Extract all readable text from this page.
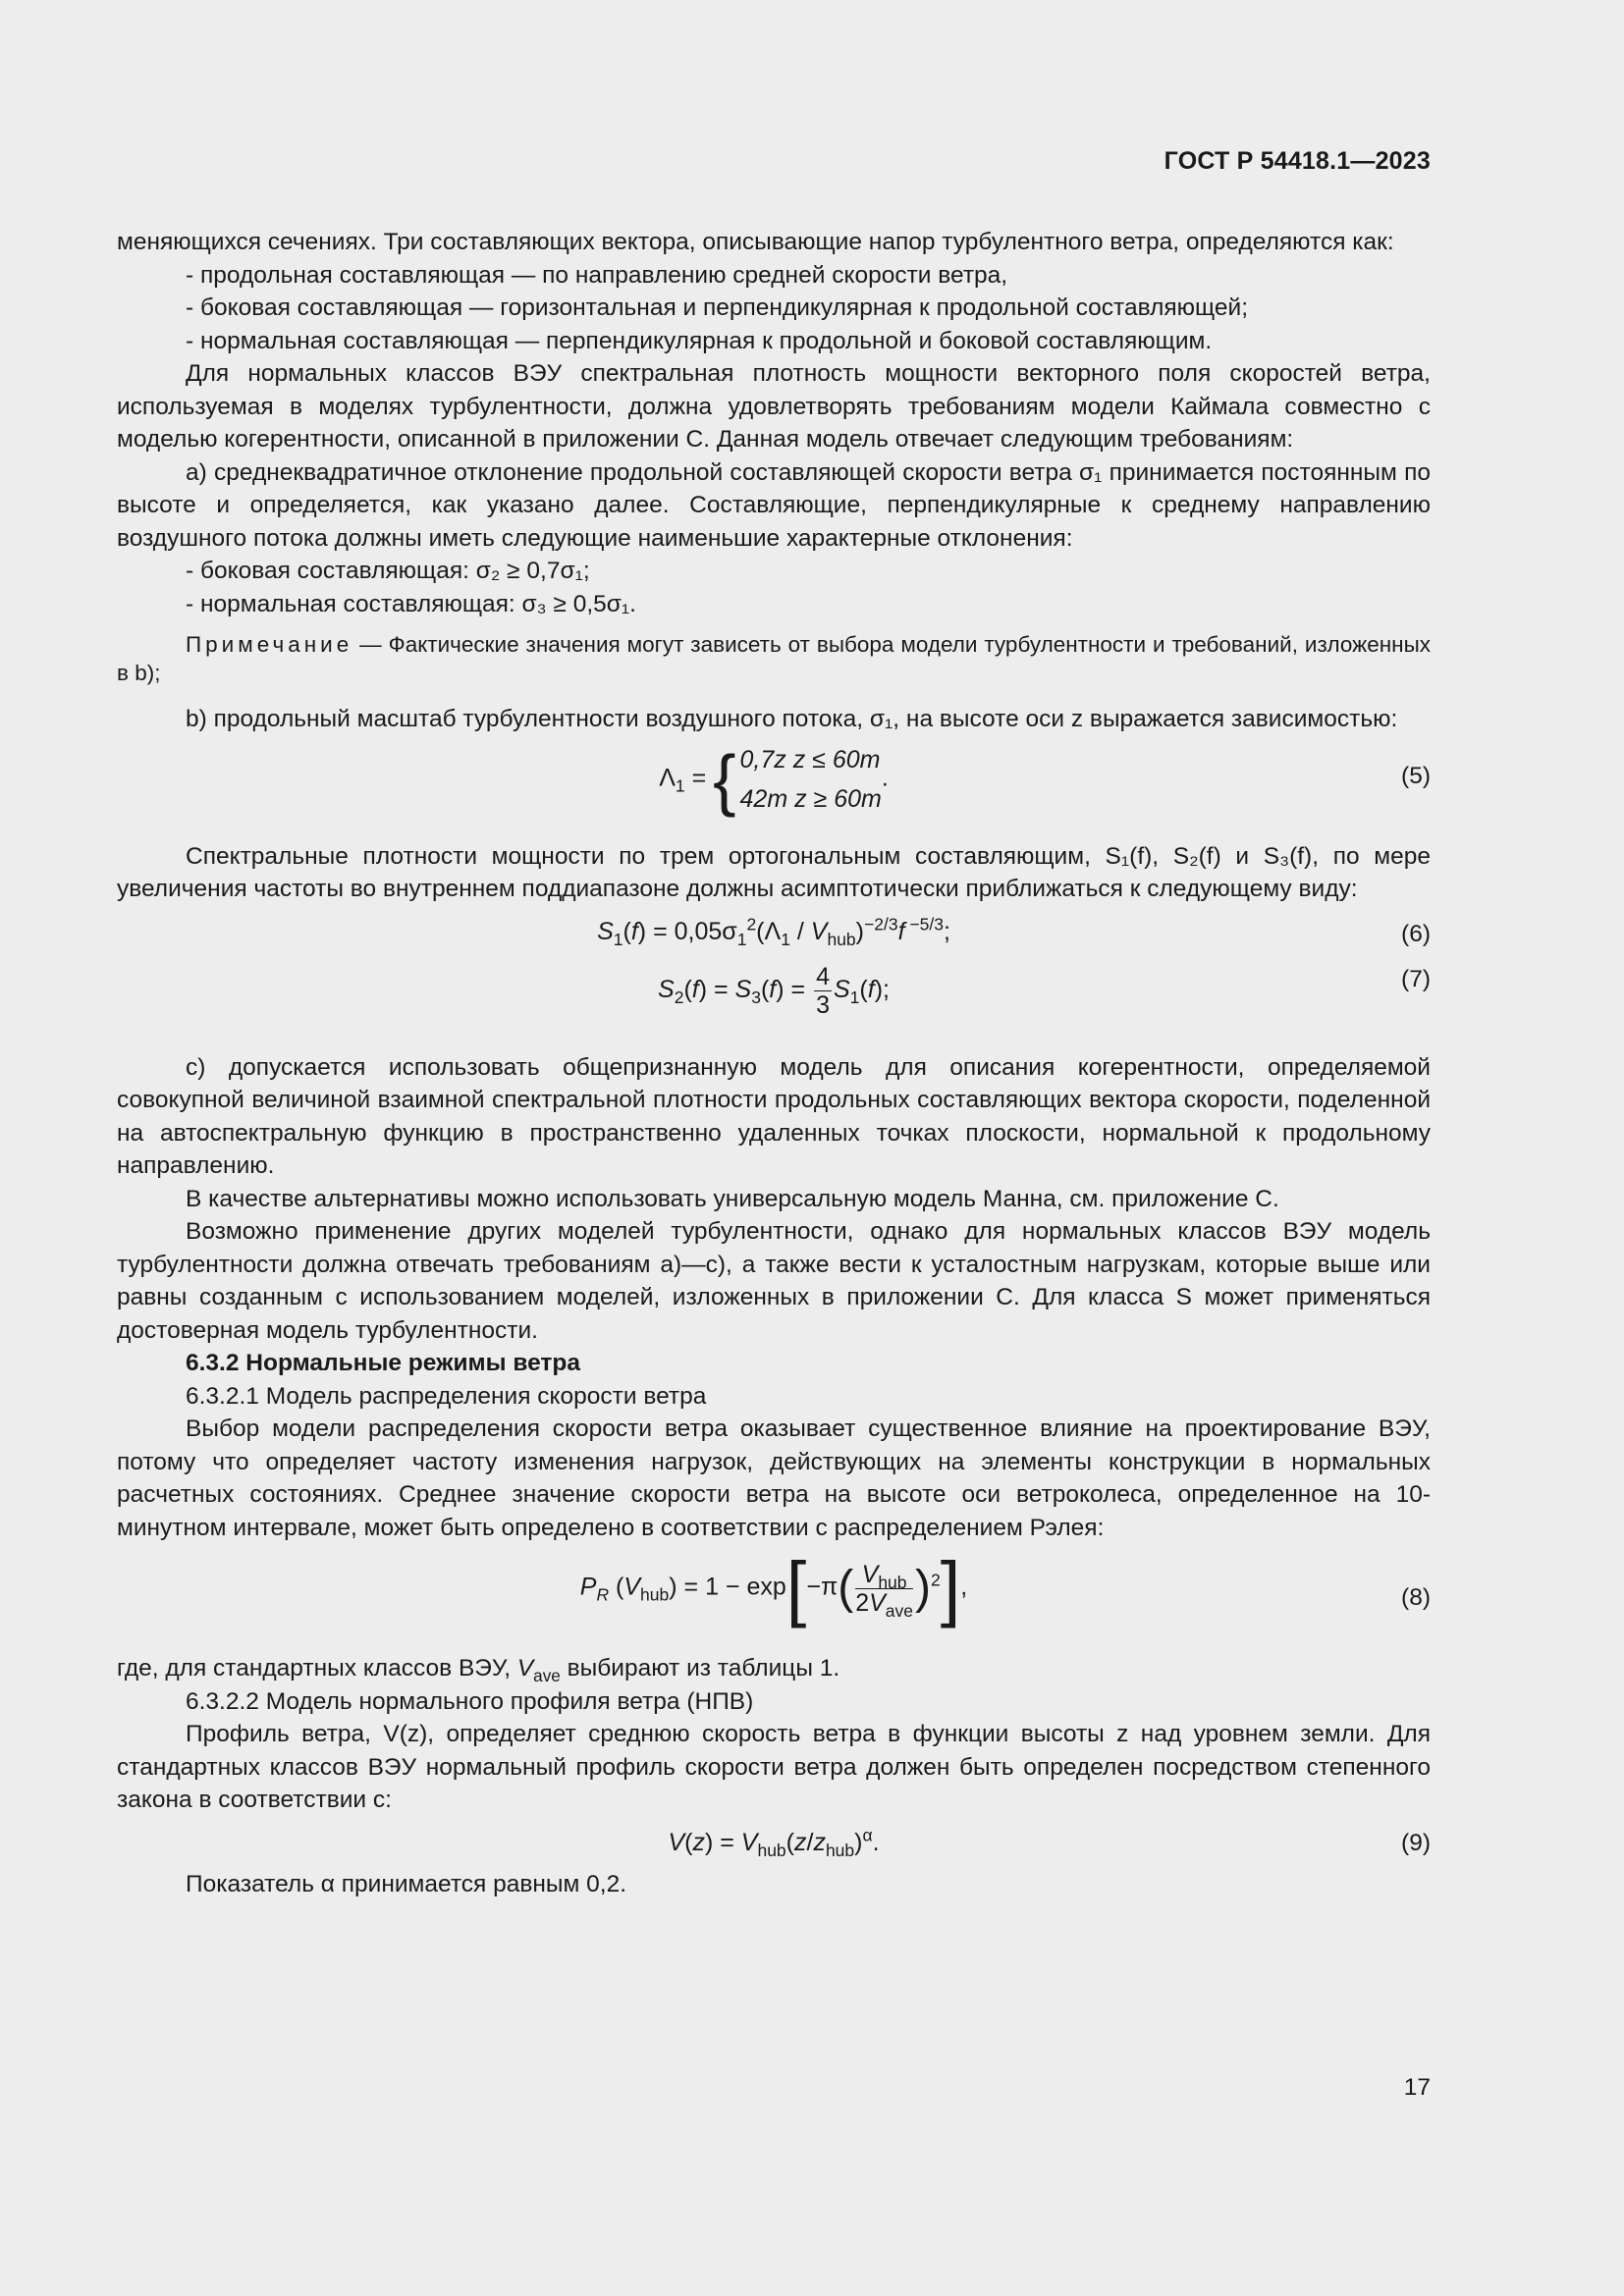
ГОСТ Р 54418.1—2023

меняющихся сечениях. Три составляющих вектора, описывающие напор турбулентного ветра, определяются как:

- продольная составляющая — по направлению средней скорости ветра,

- боковая составляющая — горизонтальная и перпендикулярная к продольной составляющей;

- нормальная составляющая — перпендикулярная к продольной и боковой составляющим.

Для нормальных классов ВЭУ спектральная плотность мощности векторного поля скоростей ветра, используемая в моделях турбулентности, должна удовлетворять требованиям модели Каймала совместно с моделью когерентности, описанной в приложении С. Данная модель отвечает следующим требованиям:

а) среднеквадратичное отклонение продольной составляющей скорости ветра σ₁ принимается постоянным по высоте и определяется, как указано далее. Составляющие, перпендикулярные к среднему направлению воздушного потока должны иметь следующие наименьшие характерные отклонения:

- боковая составляющая: σ₂ ≥ 0,7σ₁;

- нормальная составляющая: σ₃ ≥ 0,5σ₁.

Примечание — Фактические значения могут зависеть от выбора модели турбулентности и требований, изложенных в b);

b) продольный масштаб турбулентности воздушного потока, σ₁, на высоте оси z выражается зависимостью:

$\Lambda_1$ = { 0,7z z ≤ 60m
42m z ≥ 60m
.	(5)

Спектральные плотности мощности по трем ортогональным составляющим, S₁(f), S₂(f) и S₃(f), по мере увеличения частоты во внутреннем поддиапазоне должны асимптотически приближаться к следующему виду:

$S_1(f) = 0,05\sigma_1^2(\Lambda_1 / V_{hub})^{-2/3}f$ $^{-5/3}$;	(6)
$S_2(f) = S_3(f) = \frac{4}{3} S_1(f)$;	(7)

с) допускается использовать общепризнанную модель для описания когерентности, определяемой совокупной величиной взаимной спектральной плотности продольных составляющих вектора скорости, поделенной на автоспектральную функцию в пространственно удаленных точках плоскости, нормальной к продольному направлению.

В качестве альтернативы можно использовать универсальную модель Манна, см. приложение С.

Возможно применение других моделей турбулентности, однако для нормальных классов ВЭУ модель турбулентности должна отвечать требованиям а)—с), а также вести к усталостным нагрузкам, которые выше или равны созданным с использованием моделей, изложенных в приложении С. Для класса S может применяться достоверная модель турбулентности.

6.3.2 Нормальные режимы ветра

6.3.2.1 Модель распределения скорости ветра

Выбор модели распределения скорости ветра оказывает существенное влияние на проектирование ВЭУ, потому что определяет частоту изменения нагрузок, действующих на элементы конструкции в нормальных расчетных состояниях. Среднее значение скорости ветра на высоте оси ветроколеса, определенное на 10-минутном интервале, может быть определено в соответствии с распределением Рэлея:

$P_R$ $(V_{hub}) = 1 - \exp[-\pi( \frac{V_{hub}}{2V_{ave}} )^2]$,	(8)

где, для стандартных классов ВЭУ, $V_{ave}$ выбирают из таблицы 1.

6.3.2.2 Модель нормального профиля ветра (НПВ)

Профиль ветра, V(z), определяет среднюю скорость ветра в функции высоты z над уровнем земли. Для стандартных классов ВЭУ нормальный профиль скорости ветра должен быть определен посредством степенного закона в соответствии с:

$V(z) = V_{hub}(z/z_{hub})^\alpha$.	(9)

Показатель α принимается равным 0,2.

17
